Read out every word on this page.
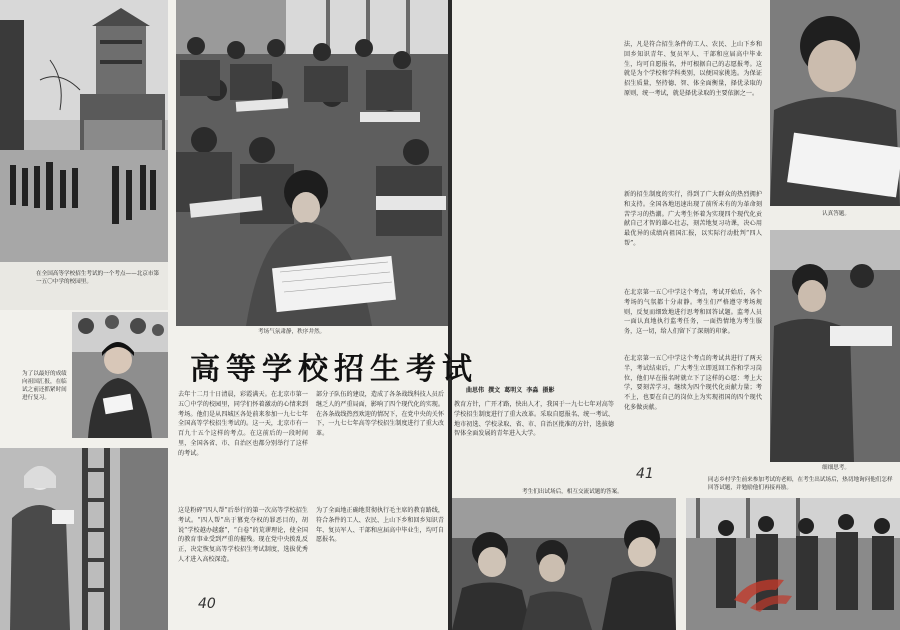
在全国高等学校招生考试的一个考点——北京市第一五〇中学的校园里。
为了以最好的成绩向祖国汇报，在临试之前还抓紧时间进行复习。
考场气氛肃静，秩序井然。
去年十二月十日清晨，彩霞满天。在北京市第一五〇中学的校园里，同学们怀着激动的心情来到考场。他们是从四城区各处前来参加一九七七年全国高等学校招生考试的。这一天，北京市有一百九十五个这样的考点。在这前后的一段时间里，全国各省、市、自治区也都分别举行了这样的考试。
这是粉碎“四人帮”后举行的第一次高等学校招生考试。“四人帮”出于篡党夺权的罪恶目的，胡说“学校越办越蠢”，“白卷”的荒谬理论，使全国的教育事业受到严重的摧残。现在党中央拨乱反正，决定恢复高等学校招生考试制度，选拔优秀人才进入高校深造。
部分子队伍的建设，造成了各条战线科技人员后继乏人的严重局面，影响了四个现代化的实现。在各条战线热烈欢迎的情况下，在党中央的关怀下，一九七七年高等学校招生制度进行了重大改革。
为了全面地正确地贯彻执行毛主席的教育路线，符合条件的工人、农民、上山下乡和回乡知识青年、复员军人、干部和应届高中毕业生，均可自愿报名。
40
认真答题。
细细思考。
考生们出试场后，相互交流试题的答案。
同志乡村学生前来参加考试的老师，在考生出试场后，热切地询问他们怎样回答试题，并勉励他们再接再励。
教育方针，广开才路，快出人才，我国于一九七七年对高等学校招生制度进行了重大改革。采取自愿报名、统一考试、地市初选、学校录取、省、市、自治区批准的方针，选拔德智体全面发展的青年进入大学。
法，凡是符合招生条件的工人、农民、上山下乡和回乡知识青年、复员军人、干部和应届高中毕业生，均可自愿报名，并可根据自己的志愿报考。这就是为个学校和学科类别，以便国家挑选。为保证招生质量，坚持德、智、体全面衡量，择优录取的原则，统一考试，就是择优录取的主要依据之一。
新的招生制度的实行，得到了广大群众的热烈拥护和支持。全国各地迅速出现了前所未有的为革命刻苦学习的热潮。广大考生怀着为实现四个现代化贡献自己才智的雄心壮志，刻苦地复习功课，决心用最优异的成绩向祖国汇报，以实际行动批判“四人帮”。
在北京第一五〇中学这个考点，考试开始后，各个考场的气氛都十分肃静。考生们严格遵守考场规则，反复而细致地进行思考和回答试题。监考人员一面认真地执行监考任务，一面热情地为考生服务，这一切，给人们留下了深刻的印象。
在北京第一五〇中学这个考点的考试共进行了两天半，考试结束后，广大考生立即返回工作和学习岗位，他们早在报名时就立下了这样的心愿：考上大学，要刻苦学习，继续为四个现代化贡献力量；考不上，也要在自己的岗位上为实现祖国的四个现代化多做贡献。
41
高等学校招生考试
曲思伟 撰文 葛明义 李淼 摄影
